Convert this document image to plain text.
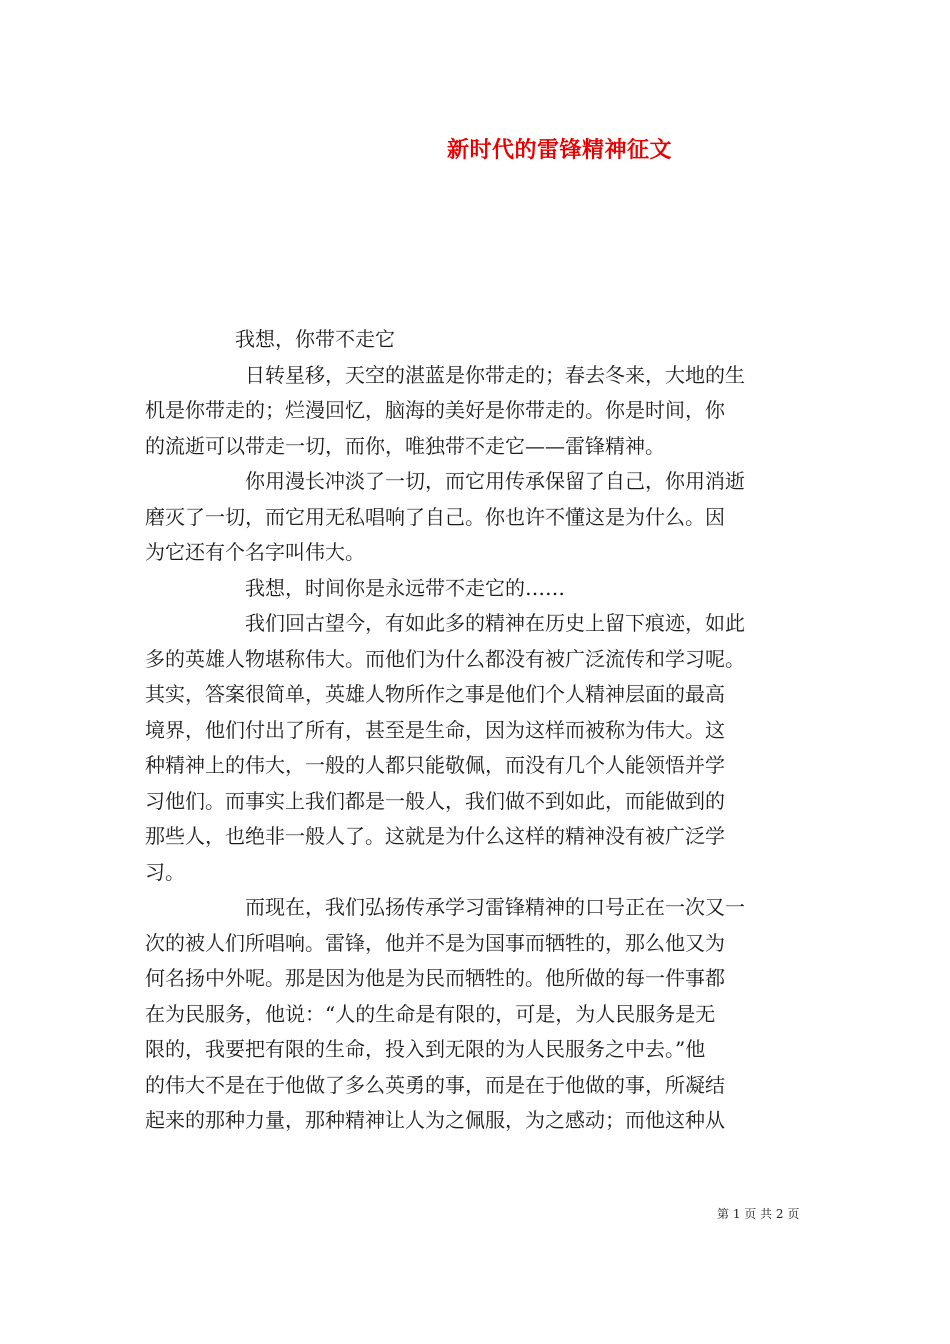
新时代的雷锋精神征文
我想，你带不走它
日转星移，天空的湛蓝是你带走的；春去冬来，大地的生
机是你带走的；烂漫回忆，脑海的美好是你带走的。你是时间，你
的流逝可以带走一切，而你，唯独带不走它——雷锋精神。
你用漫长冲淡了一切，而它用传承保留了自己，你用消逝
磨灭了一切，而它用无私唱响了自己。你也许不懂这是为什么。因
为它还有个名字叫伟大。
我想，时间你是永远带不走它的……
我们回古望今，有如此多的精神在历史上留下痕迹，如此
多的英雄人物堪称伟大。而他们为什么都没有被广泛流传和学习呢。
其实，答案很简单，英雄人物所作之事是他们个人精神层面的最高
境界，他们付出了所有，甚至是生命，因为这样而被称为伟大。这
种精神上的伟大，一般的人都只能敬佩，而没有几个人能领悟并学
习他们。而事实上我们都是一般人，我们做不到如此，而能做到的
那些人，也绝非一般人了。这就是为什么这样的精神没有被广泛学
习。
而现在，我们弘扬传承学习雷锋精神的口号正在一次又一
次的被人们所唱响。雷锋，他并不是为国事而牺牲的，那么他又为
何名扬中外呢。那是因为他是为民而牺牲的。他所做的每一件事都
在为民服务，他说：“人的生命是有限的，可是，为人民服务是无
限的，我要把有限的生命，投入到无限的为人民服务之中去。”他
的伟大不是在于他做了多么英勇的事，而是在于他做的事，所凝结
起来的那种力量，那种精神让人为之佩服，为之感动；而他这种从
第 1 页 共 2 页
